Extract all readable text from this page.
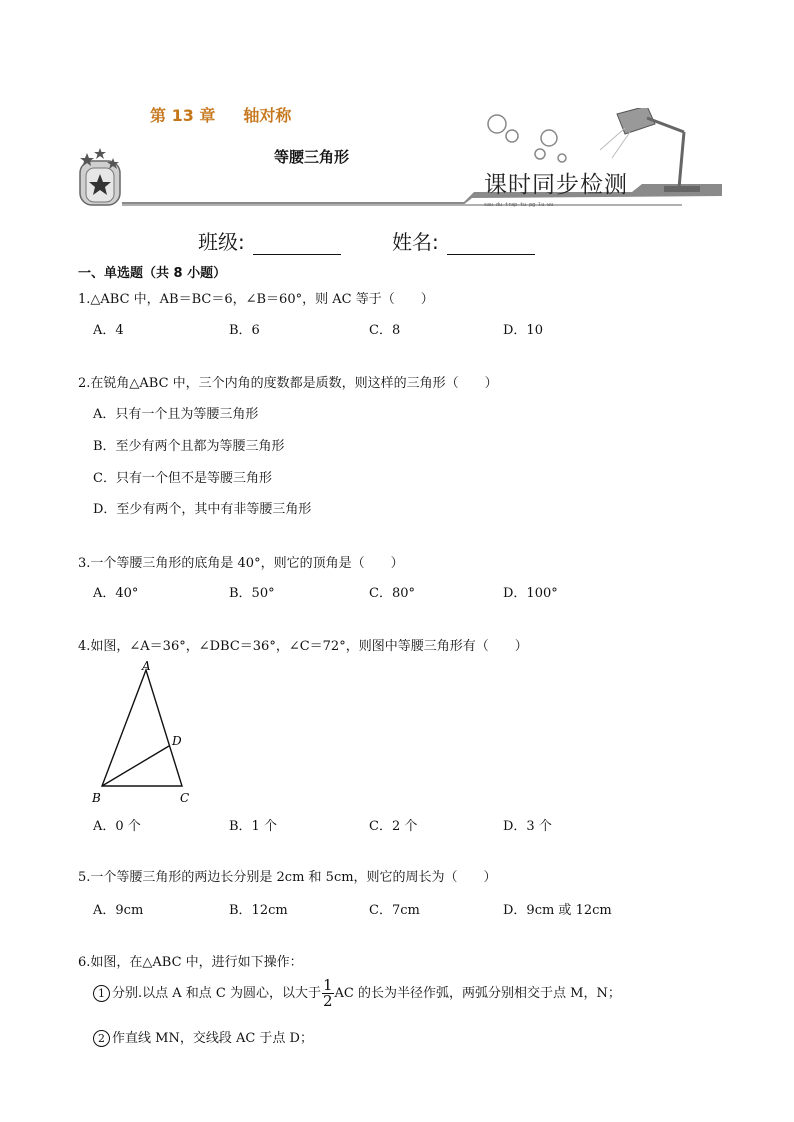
第 13 章 轴对称
等腰三角形
sau du trap tu pg lu wu
课时同步检测
班级:	姓名:
一、单选题（共 8 小题）
1.△ABC 中，AB＝BC＝6，∠B＝60°，则 AC 等于（　　）
A．4	B．6	C．8	D．10
2.在锐角△ABC 中，三个内角的度数都是质数，则这样的三角形（　　）
A．只有一个且为等腰三角形
B．至少有两个且都为等腰三角形
C．只有一个但不是等腰三角形
D．至少有两个，其中有非等腰三角形
3.一个等腰三角形的底角是 40°，则它的顶角是（　　）
A．40°	B．50°	C．80°	D．100°
4.如图，∠A＝36°，∠DBC＝36°，∠C＝72°，则图中等腰三角形有（　　）
A
B	C
D
A．0 个	B．1 个	C．2 个	D．3 个
5.一个等腰三角形的两边长分别是 2cm 和 5cm，则它的周长为（　　）
A．9cm	B．12cm	C．7cm	D．9cm 或 12cm
6.如图，在△ABC 中，进行如下操作：
1 分别.以点 A 和点 C 为圆心，以大于 $\frac{1}{2}$ AC 的长为半径作弧，两弧分别相交于点 M，N；
2 作直线 MN，交线段 AC 于点 D；
